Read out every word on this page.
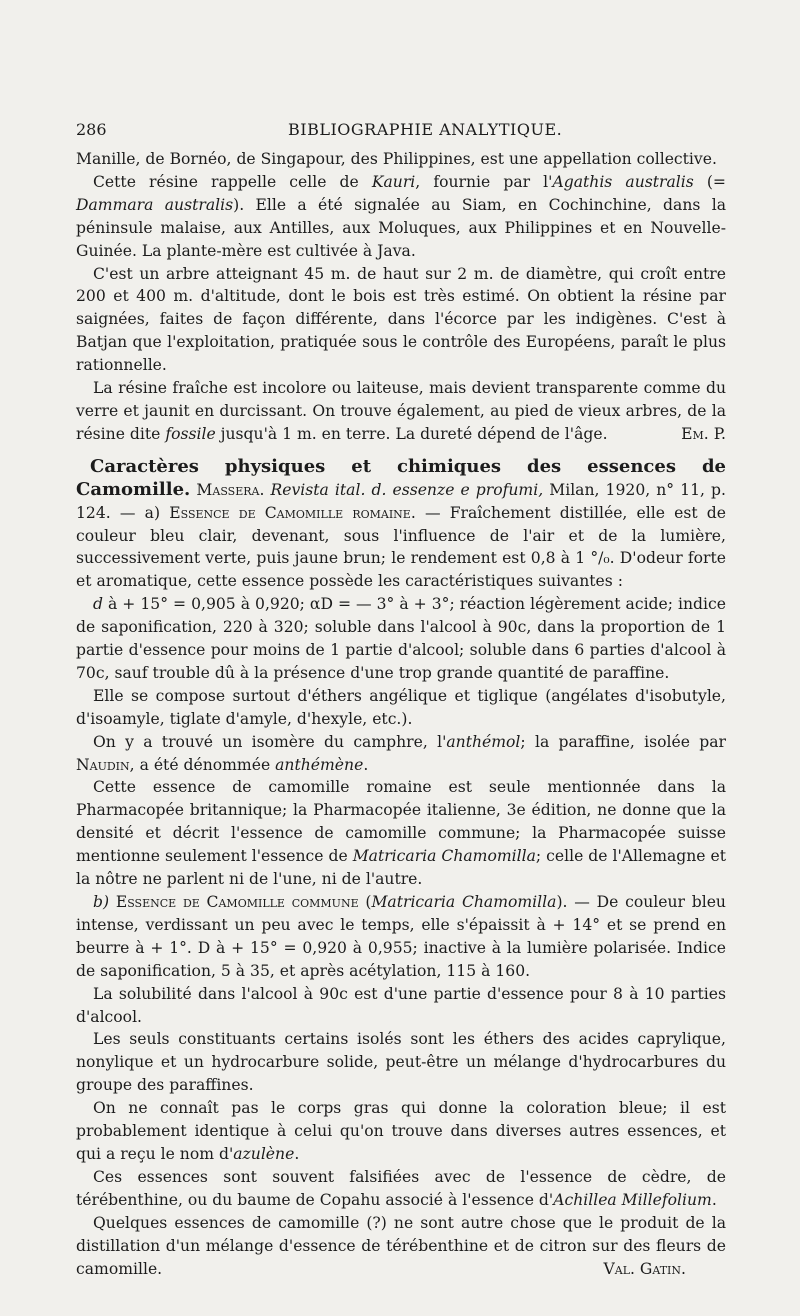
286	BIBLIOGRAPHIE ANALYTIQUE.

Manille, de Bornéo, de Singapour, des Philippines, est une appellation collective.

Cette résine rappelle celle de Kauri, fournie par l'Agathis australis (= Dammara australis). Elle a été signalée au Siam, en Cochinchine, dans la péninsule malaise, aux Antilles, aux Moluques, aux Philippines et en Nouvelle-Guinée. La plante-mère est cultivée à Java.

C'est un arbre atteignant 45 m. de haut sur 2 m. de diamètre, qui croît entre 200 et 400 m. d'altitude, dont le bois est très estimé. On obtient la résine par saignées, faites de façon différente, dans l'écorce par les indigènes. C'est à Batjan que l'exploitation, pratiquée sous le contrôle des Européens, paraît le plus rationnelle.

La résine fraîche est incolore ou laiteuse, mais devient transparente comme du verre et jaunit en durcissant. On trouve également, au pied de vieux arbres, de la résine dite fossile jusqu'à 1 m. en terre. La dureté dépend de l'âge.	Em. P.

Caractères physiques et chimiques des essences de Camomille. Massera. Revista ital. d. essenze e profumi, Milan, 1920, n° 11, p. 124. — a) Essence de Camomille romaine. — Fraîchement distillée, elle est de couleur bleu clair, devenant, sous l'influence de l'air et de la lumière, successivement verte, puis jaune brun; le rendement est 0,8 à 1 °/₀. D'odeur forte et aromatique, cette essence possède les caractéristiques suivantes :

d à + 15° = 0,905 à 0,920; αD = — 3° à + 3°; réaction légèrement acide; indice de saponification, 220 à 320; soluble dans l'alcool à 90c, dans la proportion de 1 partie d'essence pour moins de 1 partie d'alcool; soluble dans 6 parties d'alcool à 70c, sauf trouble dû à la présence d'une trop grande quantité de paraffine.

Elle se compose surtout d'éthers angélique et tiglique (angélates d'isobutyle, d'isoamyle, tiglate d'amyle, d'hexyle, etc.).

On y a trouvé un isomère du camphre, l'anthémol; la paraffine, isolée par Naudin, a été dénommée anthémène.

Cette essence de camomille romaine est seule mentionnée dans la Pharmacopée britannique; la Pharmacopée italienne, 3e édition, ne donne que la densité et décrit l'essence de camomille commune; la Pharmacopée suisse mentionne seulement l'essence de Matricaria Chamomilla; celle de l'Allemagne et la nôtre ne parlent ni de l'une, ni de l'autre.

b) Essence de Camomille commune (Matricaria Chamomilla). — De couleur bleu intense, verdissant un peu avec le temps, elle s'épaissit à + 14° et se prend en beurre à + 1°. D à + 15° = 0,920 à 0,955; inactive à la lumière polarisée. Indice de saponification, 5 à 35, et après acétylation, 115 à 160.

La solubilité dans l'alcool à 90c est d'une partie d'essence pour 8 à 10 parties d'alcool.

Les seuls constituants certains isolés sont les éthers des acides caprylique, nonylique et un hydrocarbure solide, peut-être un mélange d'hydrocarbures du groupe des paraffines.

On ne connaît pas le corps gras qui donne la coloration bleue; il est probablement identique à celui qu'on trouve dans diverses autres essences, et qui a reçu le nom d'azulène.

Ces essences sont souvent falsifiées avec de l'essence de cèdre, de térébenthine, ou du baume de Copahu associé à l'essence d'Achillea Millefolium.

Quelques essences de camomille (?) ne sont autre chose que le produit de la distillation d'un mélange d'essence de térébenthine et de citron sur des fleurs de camomille.	Val. Gatin.
